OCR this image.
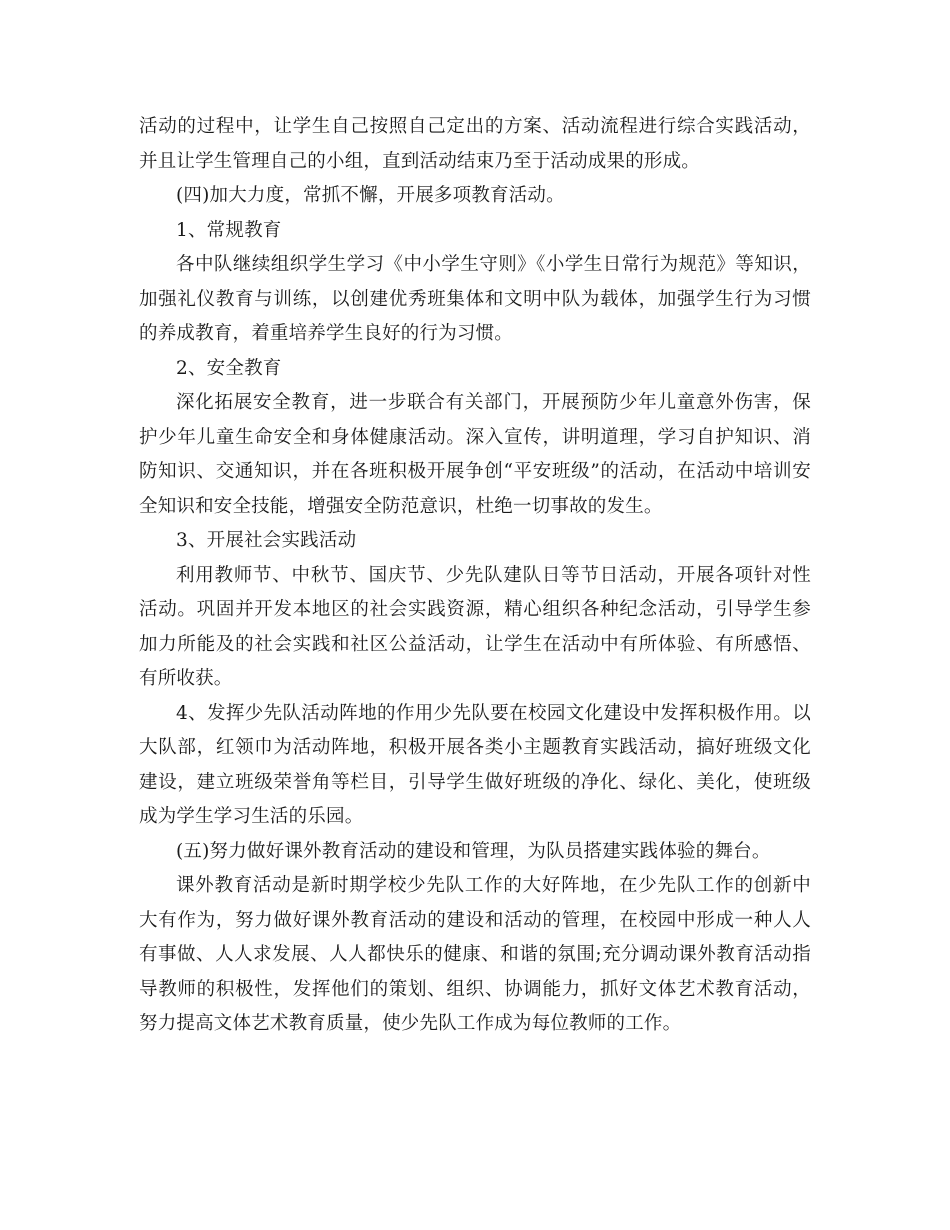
活动的过程中，让学生自己按照自己定出的方案、活动流程进行综合实践活动，并且让学生管理自己的小组，直到活动结束乃至于活动成果的形成。

(四)加大力度，常抓不懈，开展多项教育活动。

1、常规教育

各中队继续组织学生学习《中小学生守则》《小学生日常行为规范》等知识，加强礼仪教育与训练，以创建优秀班集体和文明中队为载体，加强学生行为习惯的养成教育，着重培养学生良好的行为习惯。

2、安全教育

深化拓展安全教育，进一步联合有关部门，开展预防少年儿童意外伤害，保护少年儿童生命安全和身体健康活动。深入宣传，讲明道理，学习自护知识、消防知识、交通知识，并在各班积极开展争创“平安班级”的活动，在活动中培训安全知识和安全技能，增强安全防范意识，杜绝一切事故的发生。

3、开展社会实践活动

利用教师节、中秋节、国庆节、少先队建队日等节日活动，开展各项针对性活动。巩固并开发本地区的社会实践资源，精心组织各种纪念活动，引导学生参加力所能及的社会实践和社区公益活动，让学生在活动中有所体验、有所感悟、有所收获。

4、发挥少先队活动阵地的作用少先队要在校园文化建设中发挥积极作用。以大队部，红领巾为活动阵地，积极开展各类小主题教育实践活动，搞好班级文化建设，建立班级荣誉角等栏目，引导学生做好班级的净化、绿化、美化，使班级成为学生学习生活的乐园。

(五)努力做好课外教育活动的建设和管理，为队员搭建实践体验的舞台。

课外教育活动是新时期学校少先队工作的大好阵地，在少先队工作的创新中大有作为，努力做好课外教育活动的建设和活动的管理，在校园中形成一种人人有事做、人人求发展、人人都快乐的健康、和谐的氛围;充分调动课外教育活动指导教师的积极性，发挥他们的策划、组织、协调能力，抓好文体艺术教育活动，努力提高文体艺术教育质量，使少先队工作成为每位教师的工作。
